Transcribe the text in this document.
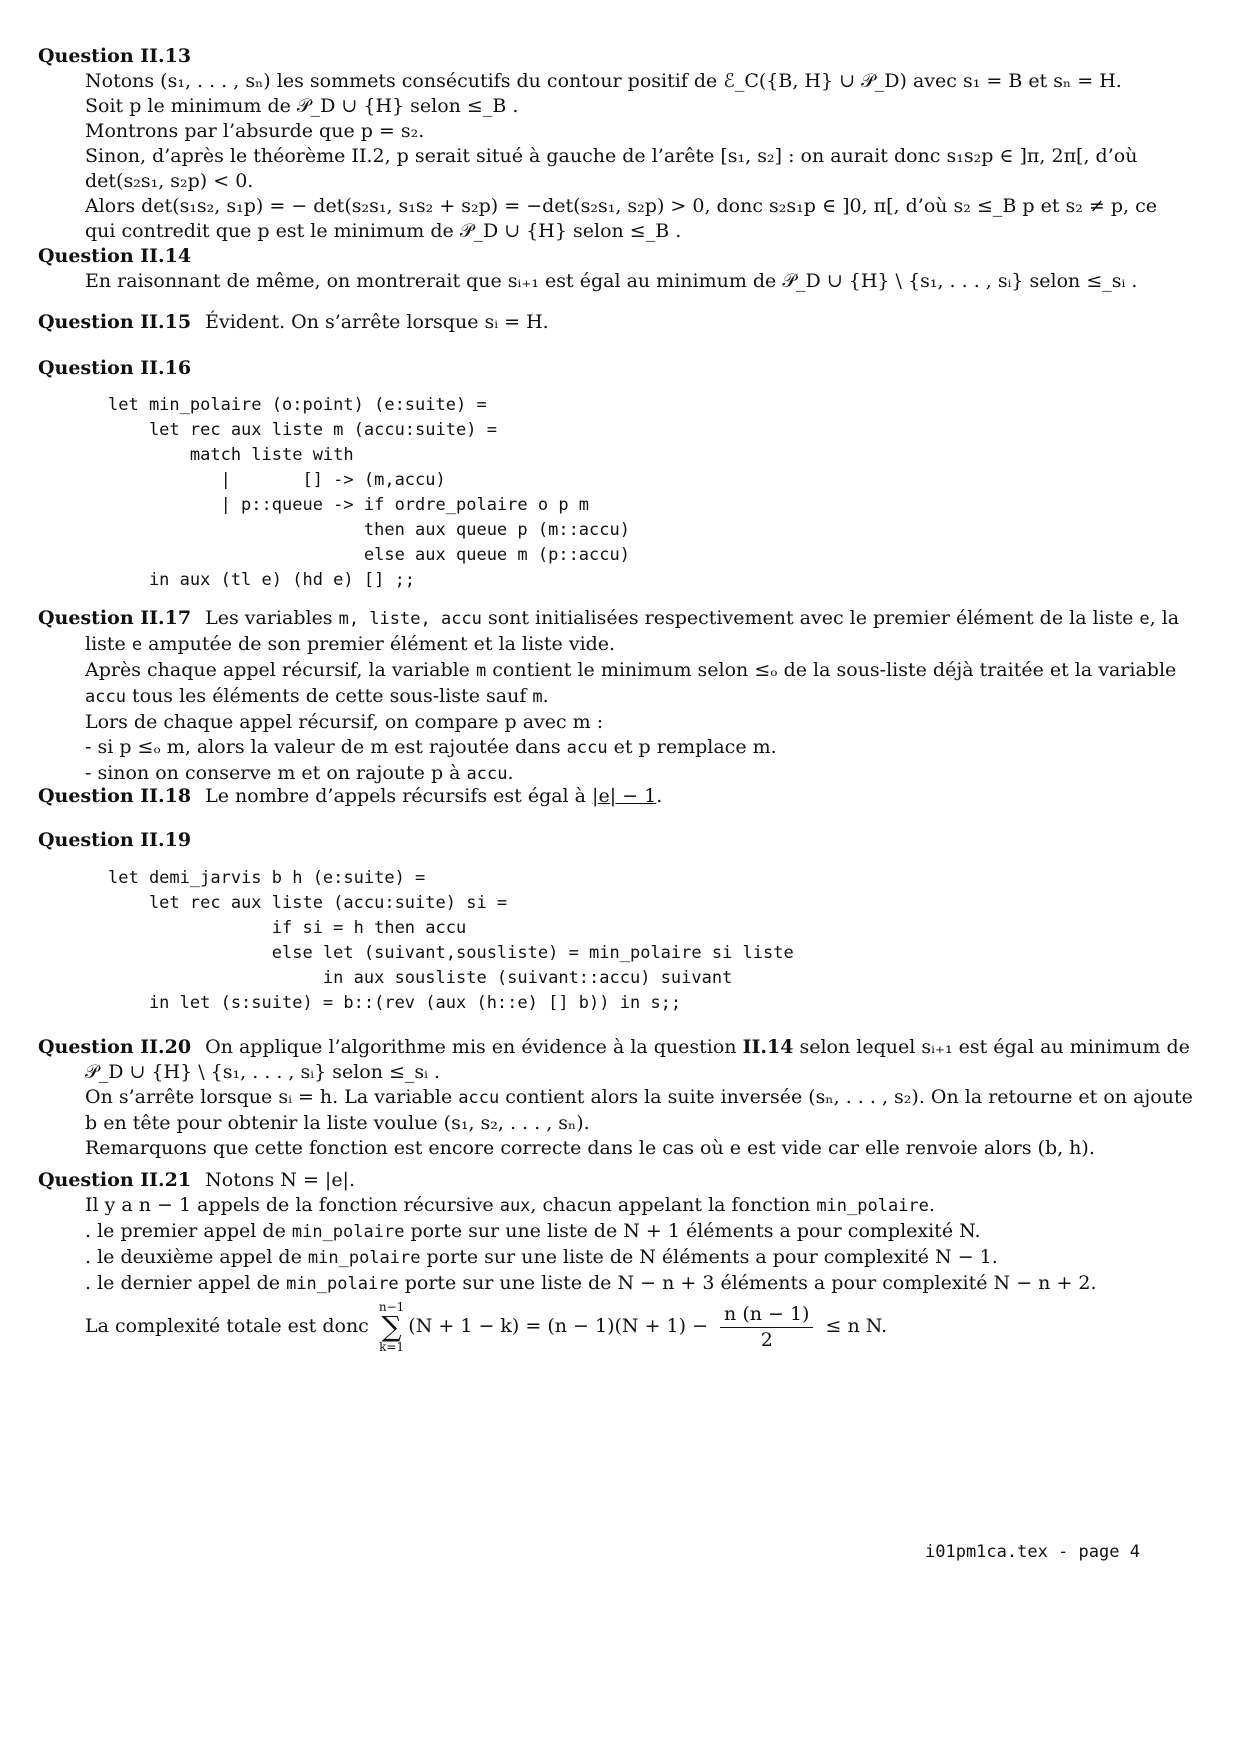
Question II.13
Notons (s₁, . . . , sₙ) les sommets consécutifs du contour positif de ℰ_C({B, H} ∪ 𝒫_D) avec s₁ = B et sₙ = H.
Soit p le minimum de 𝒫_D ∪ {H} selon ≤_B .
Montrons par l’absurde que p = s₂.
Sinon, d’après le théorème II.2, p serait situé à gauche de l’arête [s₁, s₂] : on aurait donc s₁s₂p ∈ ]π, 2π[, d’où
det(s₂s₁, s₂p) < 0.
Alors det(s₁s₂, s₁p) = − det(s₂s₁, s₁s₂ + s₂p) = −det(s₂s₁, s₂p) > 0, donc s₂s₁p ∈ ]0, π[, d’où s₂ ≤_B p et s₂ ≠ p, ce
qui contredit que p est le minimum de 𝒫_D ∪ {H} selon ≤_B .
Question II.14
En raisonnant de même, on montrerait que sᵢ₊₁ est égal au minimum de 𝒫_D ∪ {H} \ {s₁, . . . , sᵢ} selon ≤_sᵢ .
Question II.15 Évident. On s’arrête lorsque sᵢ = H.
Question II.16
let min_polaire (o:point) (e:suite) =
let rec aux liste m (accu:suite) =
match liste with
|       [] -> (m,accu)
| p::queue -> if ordre_polaire o p m
then aux queue p (m::accu)
else aux queue m (p::accu)
in aux (tl e) (hd e) [] ;;
Question II.17 Les variables m, liste, accu sont initialisées respectivement avec le premier élément de la liste e, la
liste e amputée de son premier élément et la liste vide.
Après chaque appel récursif, la variable m contient le minimum selon ≤ₒ de la sous-liste déjà traitée et la variable
accu tous les éléments de cette sous-liste sauf m.
Lors de chaque appel récursif, on compare p avec m :
- si p ≤ₒ m, alors la valeur de m est rajoutée dans accu et p remplace m.
- sinon on conserve m et on rajoute p à accu.
Question II.18 Le nombre d’appels récursifs est égal à |e| − 1.
Question II.19
let demi_jarvis b h (e:suite) =
let rec aux liste (accu:suite) si =
if si = h then accu
else let (suivant,sousliste) = min_polaire si liste
in aux sousliste (suivant::accu) suivant
in let (s:suite) = b::(rev (aux (h::e) [] b)) in s;;
Question II.20 On applique l’algorithme mis en évidence à la question II.14 selon lequel sᵢ₊₁ est égal au minimum de
𝒫_D ∪ {H} \ {s₁, . . . , sᵢ} selon ≤_sᵢ .
On s’arrête lorsque sᵢ = h. La variable accu contient alors la suite inversée (sₙ, . . . , s₂). On la retourne et on ajoute
b en tête pour obtenir la liste voulue (s₁, s₂, . . . , sₙ).
Remarquons que cette fonction est encore correcte dans le cas où e est vide car elle renvoie alors (b, h).
Question II.21 Notons N = |e|.
Il y a n − 1 appels de la fonction récursive aux, chacun appelant la fonction min_polaire.
. le premier appel de min_polaire porte sur une liste de N + 1 éléments a pour complexité N.
. le deuxième appel de min_polaire porte sur une liste de N éléments a pour complexité N − 1.
. le dernier appel de min_polaire porte sur une liste de N − n + 3 éléments a pour complexité N − n + 2.
La complexité totale est donc
n−1
∑
k=1
$(N + 1 - k) = (n - 1)(N + 1) - \frac{n (n - 1)}{2} \le n$ N.
i01pm1ca.tex - page 4
